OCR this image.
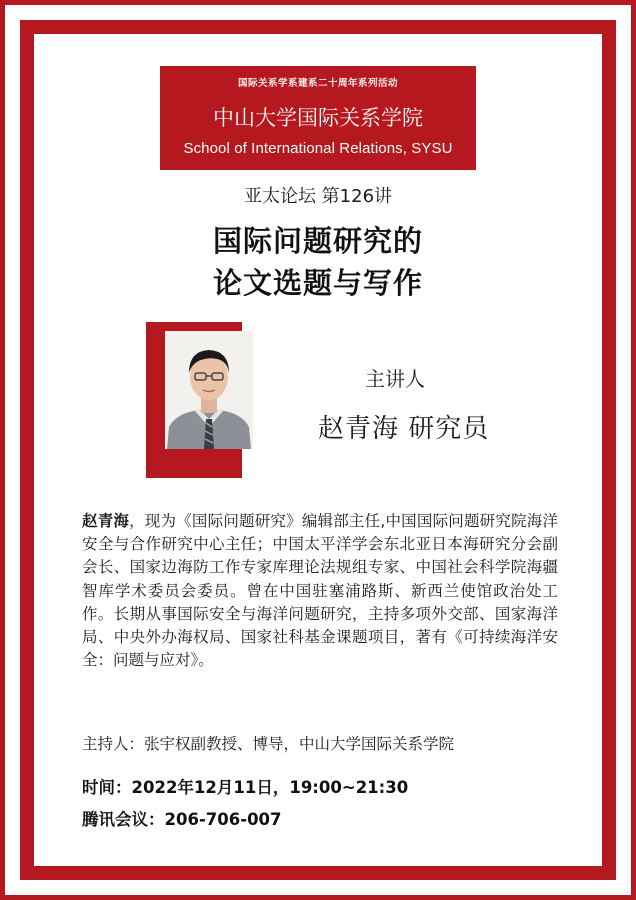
国际关系学系建系二十周年系列活动
中山大学国际关系学院
School of International Relations, SYSU
亚太论坛 第126讲
国际问题研究的
论文选题与写作
主讲人
赵青海 研究员
赵青海，现为《国际问题研究》编辑部主任,中国国际问题研究院海洋安全与合作研究中心主任；中国太平洋学会东北亚日本海研究分会副会长、国家边海防工作专家库理论法规组专家、中国社会科学院海疆智库学术委员会委员。曾在中国驻塞浦路斯、新西兰使馆政治处工作。长期从事国际安全与海洋问题研究，主持多项外交部、国家海洋局、中央外办海权局、国家社科基金课题项目，著有《可持续海洋安全：问题与应对》。
主持人：张宇权副教授、博导，中山大学国际关系学院
时间：2022年12月11日，19:00~21:30
腾讯会议：206-706-007
